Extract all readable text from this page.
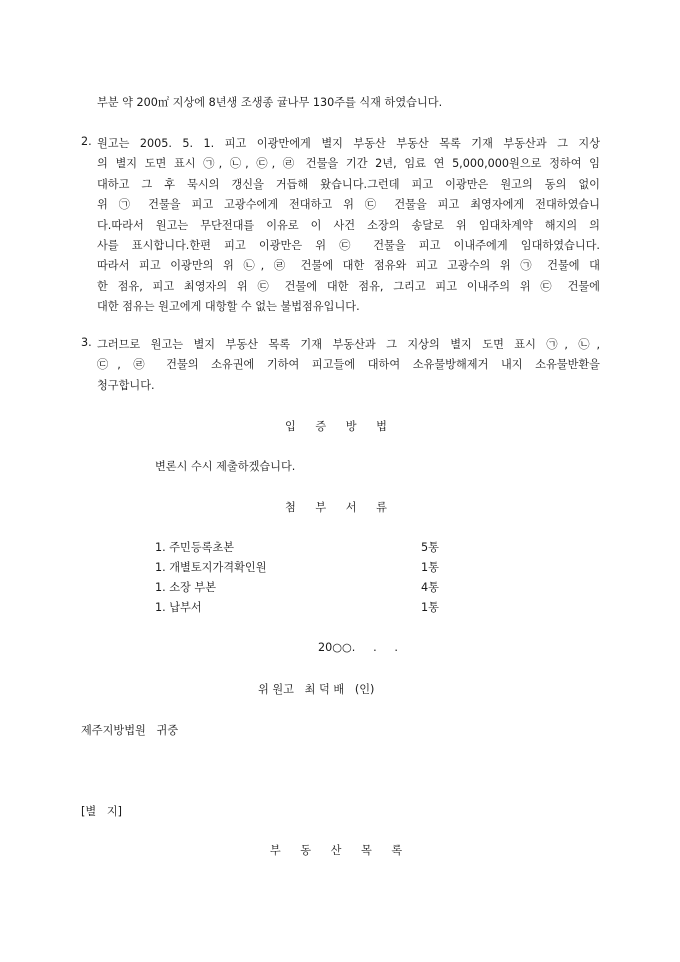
부분 약 200㎡ 지상에 8년생 조생종 귤나무 130주를 식재 하였습니다.
2. 원고는 2005. 5. 1. 피고 이광만에게 별지 부동산 부동산 목록 기재 부동산과 그 지상
의 별지 도면 표시 ㉠, ㉡, ㉢, ㉣ 건물을 기간 2년, 임료 연 5,000,000원으로 정하여 임
대하고 그 후 묵시의 갱신을 거듭해 왔습니다.그런데 피고 이광만은 원고의 동의 없이
위 ㉠ 건물을 피고 고광수에게 전대하고 위 ㉢ 건물을 피고 최영자에게 전대하였습니
다.따라서 원고는 무단전대를 이유로 이 사건 소장의 송달로 위 임대차계약 해지의 의
사를 표시합니다.한편 피고 이광만은 위 ㉢ 건물을 피고 이내주에게 임대하였습니다.
따라서 피고 이광만의 위 ㉡, ㉣ 건물에 대한 점유와 피고 고광수의 위 ㉠ 건물에 대
한 점유, 피고 최영자의 위 ㉢ 건물에 대한 점유, 그리고 피고 이내주의 위 ㉢ 건물에
대한 점유는 원고에게 대항할 수 없는 불법점유입니다.
3. 그러므로 원고는 별지 부동산 목록 기재 부동산과 그 지상의 별지 도면 표시 ㉠, ㉡,
㉢, ㉣ 건물의 소유권에 기하여 피고들에 대하여 소유물방해제거 내지 소유물반환을
청구합니다.
입 증 방 법
변론시 수시 제출하겠습니다.
첨 부 서 류
1. 주민등록초본	5통
1. 개별토지가격확인원	1통
1. 소장 부본	4통
1. 납부서	1통
20○○.     .     .
위 원고   최 덕 배   (인)
제주지방법원   귀중
[별   지]
부 동 산 목 록
